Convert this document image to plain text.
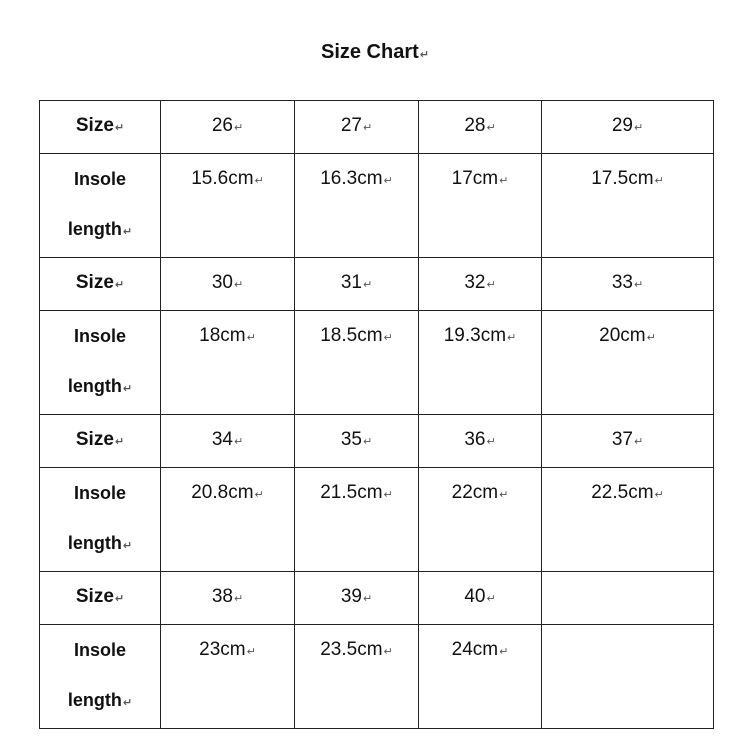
Size Chart↵
Size↵	26↵	27↵	28↵	29↵

Insole
length↵	15.6cm↵	16.3cm↵	17cm↵	17.5cm↵
Size↵	30↵	31↵	32↵	33↵

Insole
length↵	18cm↵	18.5cm↵	19.3cm↵	20cm↵
Size↵	34↵	35↵	36↵	37↵

Insole
length↵	20.8cm↵	21.5cm↵	22cm↵	22.5cm↵
Size↵	38↵	39↵	40↵	

Insole
length↵	23cm↵	23.5cm↵	24cm↵	
